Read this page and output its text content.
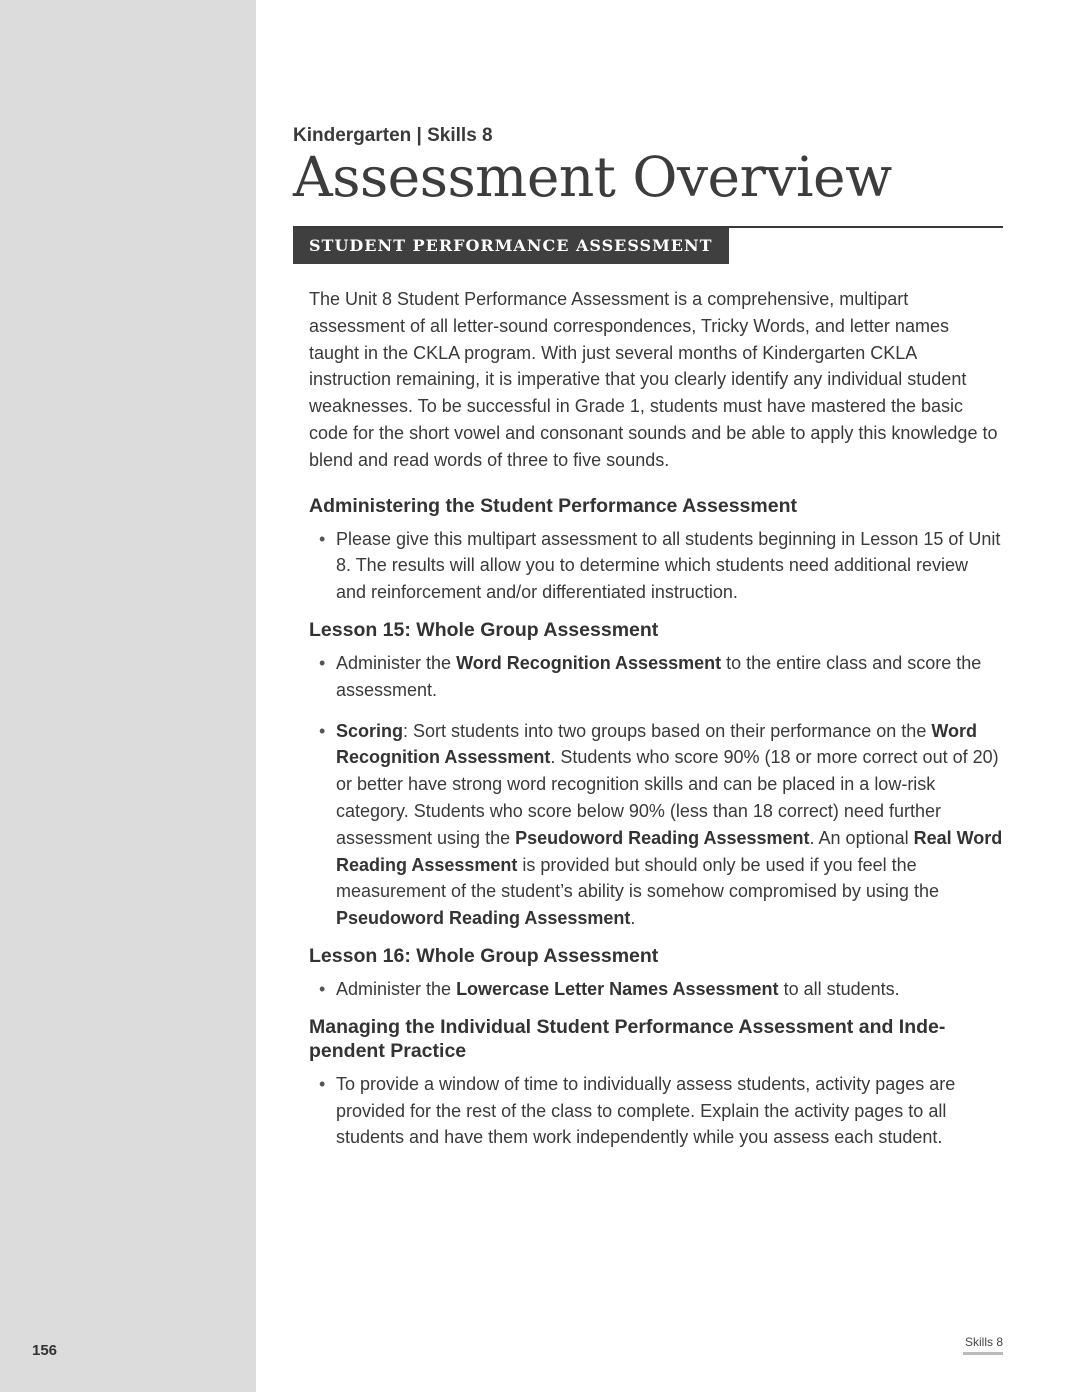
156

Kindergarten | Skills 8

Assessment Overview
STUDENT PERFORMANCE ASSESSMENT

The Unit 8 Student Performance Assessment is a comprehensive, multipart assessment of all letter-sound correspondences, Tricky Words, and letter names taught in the CKLA program. With just several months of Kindergarten CKLA instruction remaining, it is imperative that you clearly identify any individual student weaknesses. To be successful in Grade 1, students must have mastered the basic code for the short vowel and consonant sounds and be able to apply this knowledge to blend and read words of three to five sounds.

Administering the Student Performance Assessment
• Please give this multipart assessment to all students beginning in Lesson 15 of Unit 8. The results will allow you to determine which students need additional review and reinforcement and/or differentiated instruction.
Lesson 15: Whole Group Assessment
• Administer the Word Recognition Assessment to the entire class and score the assessment.
• Scoring: Sort students into two groups based on their performance on the Word Recognition Assessment. Students who score 90% (18 or more correct out of 20) or better have strong word recognition skills and can be placed in a low-risk category. Students who score below 90% (less than 18 correct) need further assessment using the Pseudoword Reading Assessment. An optional Real Word Reading Assessment is provided but should only be used if you feel the measurement of the student’s ability is somehow compromised by using the Pseudoword Reading Assessment.
Lesson 16: Whole Group Assessment
• Administer the Lowercase Letter Names Assessment to all students.
Managing the Individual Student Performance Assessment and Inde-pendent Practice
• To provide a window of time to individually assess students, activity pages are provided for the rest of the class to complete. Explain the activity pages to all students and have them work independently while you assess each student.
Skills 8
